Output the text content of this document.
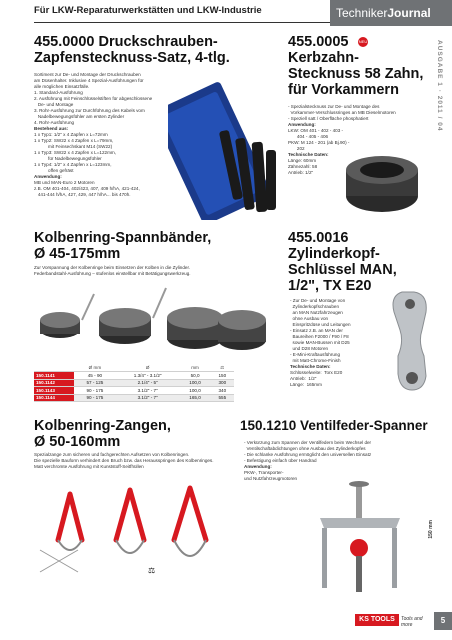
Für LKW-Reparaturwerkstätten und LKW-Industrie	TechnikerJournal
AUSGABE 1 · 2011 / 04
455.0000 Druckschrauben-
Zapfenstecknuss-Satz, 4-tlg.
Sortiment zur De- und Montage der Druckschrauben
am Düsenhalter. Inklusive 4 Spezial-Ausführungen für
alle möglichen Einsatzfälle.
1. Standard-Ausführung
2. Ausführung mit Feinschlüsselstiften für abgeschlossene
De- und Montage
3. Rohr-Ausführung zur Durchführung des Kabels vom
Nadelbewegungsfühler am ersten Zylinder
4. Rohr-Ausführung
Bestehend aus:
1 x Typ1: 1/2" x 4 Zapfen x L=72mm
1 x Typ2: SW22 x 4 Zapfen x L=79mm,
mit Feinsechskant M14 (SW22)
1 x Typ3: SW22 x 4 Zapfen x L=122mm,
für Nadelbewegungsfühler
1 x Typ4: 1/2" x 4 Zapfen x L=123mm,
offen gefräst
Anwendung:
MB und MAN-Euro 2 Motoren
z.B. OM 401-404, 402/423, 407, 409 h/hA, 421-424,
441-444 h/hA, 427, 429, 447 h/hA... bis 470h.
455.0005
Kerbzahn-
Stecknuss 58 Zahn,
für Vorkammern
NEU
- Spezialstecknuss zur De- und Montage des
Vorkammer-Verschlussringes an MB Dieselmotoren
- Speziell satt / Oberfläche phosphatiert
Anwendung:
LKW: OM 401 - 402 - 403 -
404 - 405 - 406
PKW: M 124 - 201 (ab Bj.90) -
202
Technische Daten:
Länge: 60mm
Zähnezahl: 58
Antrieb: 1/2"
Kolbenring-Spannbänder,
Ø 45-175mm
Zur Vorspannung der Kolbenringe beim Einsetzen der Kolben in die Zylinder.
Federbandstahl-Ausführung – stufenlos einstellbar mit Betätigungswerkzeug.
	Ø mm	Ø	mm	⚖
150.1141	45 - 90	1.3/4" - 3.1/2"	50,0	150
150.1142	57 - 125	2.1/4" - 5"	100,0	300
150.1143	90 - 175	3.1/2" - 7"	100,0	340
150.1144	90 - 175	3.1/2" - 7"	165,0	555
455.0016
Zylinderkopf-
Schlüssel MAN,
1/2", TX E20
- Zur De- und Montage von
Zylinderkopfschrauben
an MAN Nutzfahrzeugen
ohne Ausbau von
Einspritzdüse und Leitungen
- Einsatz z.B. an MAN der
Baureihen F2000 / F90 / F8
sowie MAN-Bussen mit D25
und D28 Motoren
- E-Mini-Kraftausführung
mit Matt-Chrome-Finish
Technische Daten:
Schlüsselweite: Torx E20
Antrieb: 1/2"
Länge: 165mm
Kolbenring-Zangen,
Ø 50-160mm
Spezialzange zum sicheren und fachgerechten Aufsetzen von Kolbenringen.
Die spezielle Bauform verhindert den Bruch bzw. das Herausspringen des Kolbenringes.
Matt verchromte Ausführung mit Kunststoff-Seitfhüllen
⚖
150.1210 Ventilfeder-Spanner
- Verkürzung zum Spannen der Ventilfedern beim Wechsel der
Ventilschaftabdichtungen ohne Ausbau des Zylinderkopfes
- Die schlanke Ausführung ermöglicht den universellen Einsatz
- Befestigung einfach über Handrad
Anwendung:
PKW-, Transporter-
und Nutzfahrzeugmotoren
150 mm
KS TOOLS	Tools and more	5
